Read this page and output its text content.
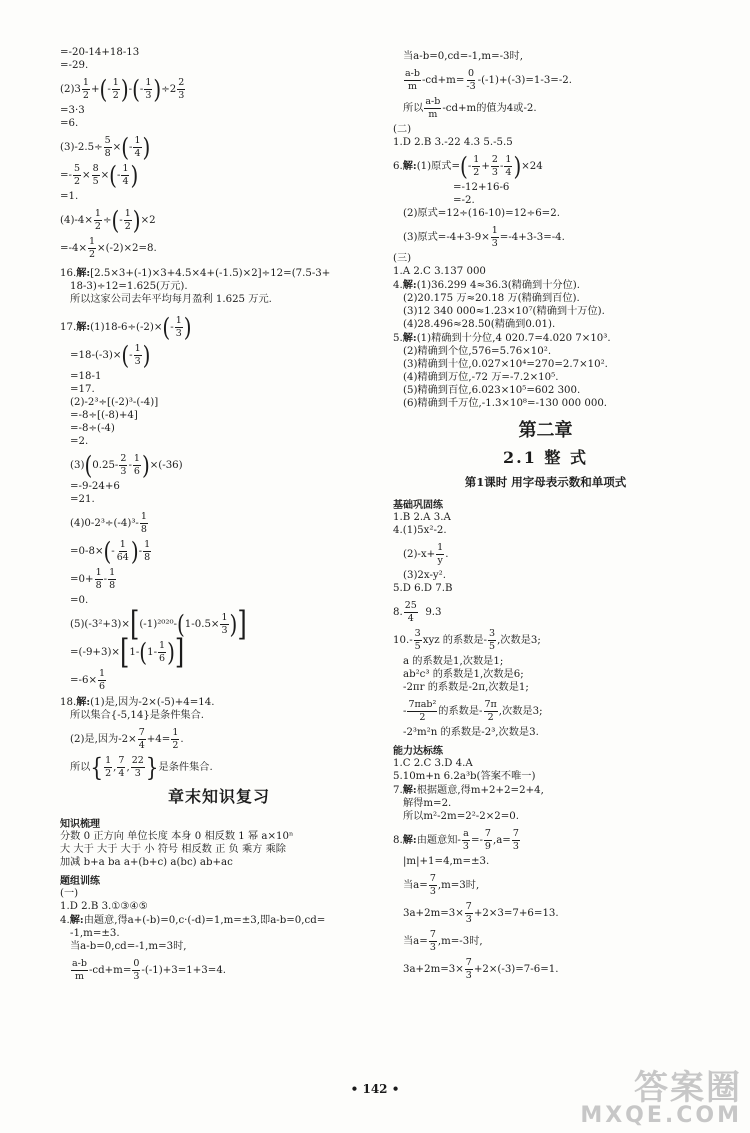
=-20-14+18-13
=-29.
$(2)3 \frac{1}{2}$ +(- $\frac{1}{2}$ )-(- $\frac{1}{3} )\div 2 \frac{2}{3}$
=3·3
=6.
$(3)-2.5\div \frac{5}{8}$ ×(- $\frac{1}{4}$ )
=- $\frac{5}{2} \times \frac{8}{5}$ ×(- $\frac{1}{4}$ )
=1.
$(4)-4\times \frac{1}{2}$ ÷(- $\frac{1}{2} )\times 2$
$=-4\times \frac{1}{2} \times(-2)\times 2=8$.
16.解:[2.5×3+(-1)×3+4.5×4+(-1.5)×2]÷12=(7.5-3+
18-3)÷12=1.625(万元).
所以这家公司去年平均每月盈利 1.625 万元.
17.解:(1)18-6÷(-2)×(- $\frac{1}{3}$ )
$=18-(-3)\times(- \frac{1}{3}$ )
=18-1
=17.
(2)-2³÷[(-2)³-(-4)]
=-8÷[(-8)+4]
=-8÷(-4)
=2.
$(3)(0.25- \frac{2}{3} - \frac{1}{6} )\times(-36)$
=-9-24+6
=21.
$(4)0-2^3\div(-4)^3- \frac{1}{8}$
$=0-8\times(- \frac{1}{64}$ )- $\frac{1}{8}$
$=0+ \frac{1}{8} - \frac{1}{8}$
=0.
$(5)(-3^2+3)\times[(-1)^{2020}-(1-0.5\times \frac{1}{3}$ )]
$=(-9+3)\times[1-(1- \frac{1}{6}$ )]
$=-6\times \frac{1}{6}$
18.解:(1)是,因为-2×(-5)+4=14.
所以集合{-5,14}是条件集合.
(2)是,因为$-2\times \frac{7}{4} +4= \frac{1}{2}$ .
所以{ $\frac{1}{2}$ , $\frac{7}{4}$ , $\frac{22}{3}$ }是条件集合.
章末知识复习
知识梳理
分数 0 正方向 单位长度 本身 0 相反数 1 幂 a×10ⁿ
大 大于 大于 大于 小 符号 相反数 正 负 乘方 乘除
加减 b+a ba a+(b+c) a(bc) ab+ac
题组训练
(一)
1.D 2.B 3.①③④⑤
4.解:由题意,得a+(-b)=0,c·(-d)=1,m=±3,即a-b=0,cd=
-1,m=±3.
当a-b=0,cd=-1,m=3时,
$\frac{a-b}{m} -cd+m= \frac{0}{3} -(-1)+3=1+3=4$.
当a-b=0,cd=-1,m=-3时,
$\frac{a-b}{m} -cd+m= \frac{0}{-3} -(-1)+(-3)=1-3=-2$.
所以 $\frac{a-b}{m} -cd+m$的值为4或-2.
(二)
1.D 2.B 3.-22 4.3 5.-5.5
6.解:(1)原式=(- $\frac{1}{2} + \frac{2}{3} - \frac{1}{4} )\times 24$
=-12+16-6
=-2.
(2)原式=12÷(16-10)=12÷6=2.
(3)原式$=-4+3-9\times \frac{1}{3} =-4+3-3=-4$.
(三)
1.A 2.C 3.137 000
4.解:(1)36.299 4≈36.3(精确到十分位).
(2)20.175 万≈20.18 万(精确到百位).
(3)12 340 000≈1.23×10⁷(精确到十万位).
(4)28.496≈28.50(精确到0.01).
5.解:(1)精确到十分位,4 020.7=4.020 7×10³.
(2)精确到个位,576=5.76×10².
(3)精确到十位,0.027×10⁴=270=2.7×10².
(4)精确到万位,-72 万=-7.2×10⁵.
(5)精确到百位,6.023×10⁵=602 300.
(6)精确到千万位,-1.3×10⁸=-130 000 000.
第二章
2.1 整 式
第1课时 用字母表示数和单项式
基础巩固练
1.B 2.A 3.A
4.(1)5x²-2.
$(2)-x+ \frac{1}{y}$ .
(3)2x-y².
5.D 6.D 7.B
8. $\frac{25}{4} 9.3$
$10.- \frac{3}{5}$ xyz 的系数是- $\frac{3}{5}$ ,次数是3;
a 的系数是1,次数是1;
ab²c³ 的系数是1,次数是6;
-2πr 的系数是-2π,次数是1;
- $\frac{\text{7πab²}}{2}$ 的系数是- $\frac{7\pi}{2}$ ,次数是3;
-2³m²n 的系数是-2³,次数是3.
能力达标练
1.C 2.C 3.D 4.A
5.10m+n 6.2a³b(答案不唯一)
7.解:根据题意,得m+2+2=2+4,
解得m=2.
所以m²-2m=2²-2×2=0.
8.解:由题意知- $\frac{a}{3} =- \frac{7}{9} ,a= \frac{7}{3}$
|m|+1=4,m=±3.
当$a= \frac{7}{3} ,m=3$时,
$3a+2m=3\times \frac{7}{3} +2\times 3=7+6=13$.
当$a= \frac{7}{3} ,m=-3$时,
$3a+2m=3\times \frac{7}{3} +2\times(-3)=7-6=1$.
• 142 •	答案圈
MXQE.COM
